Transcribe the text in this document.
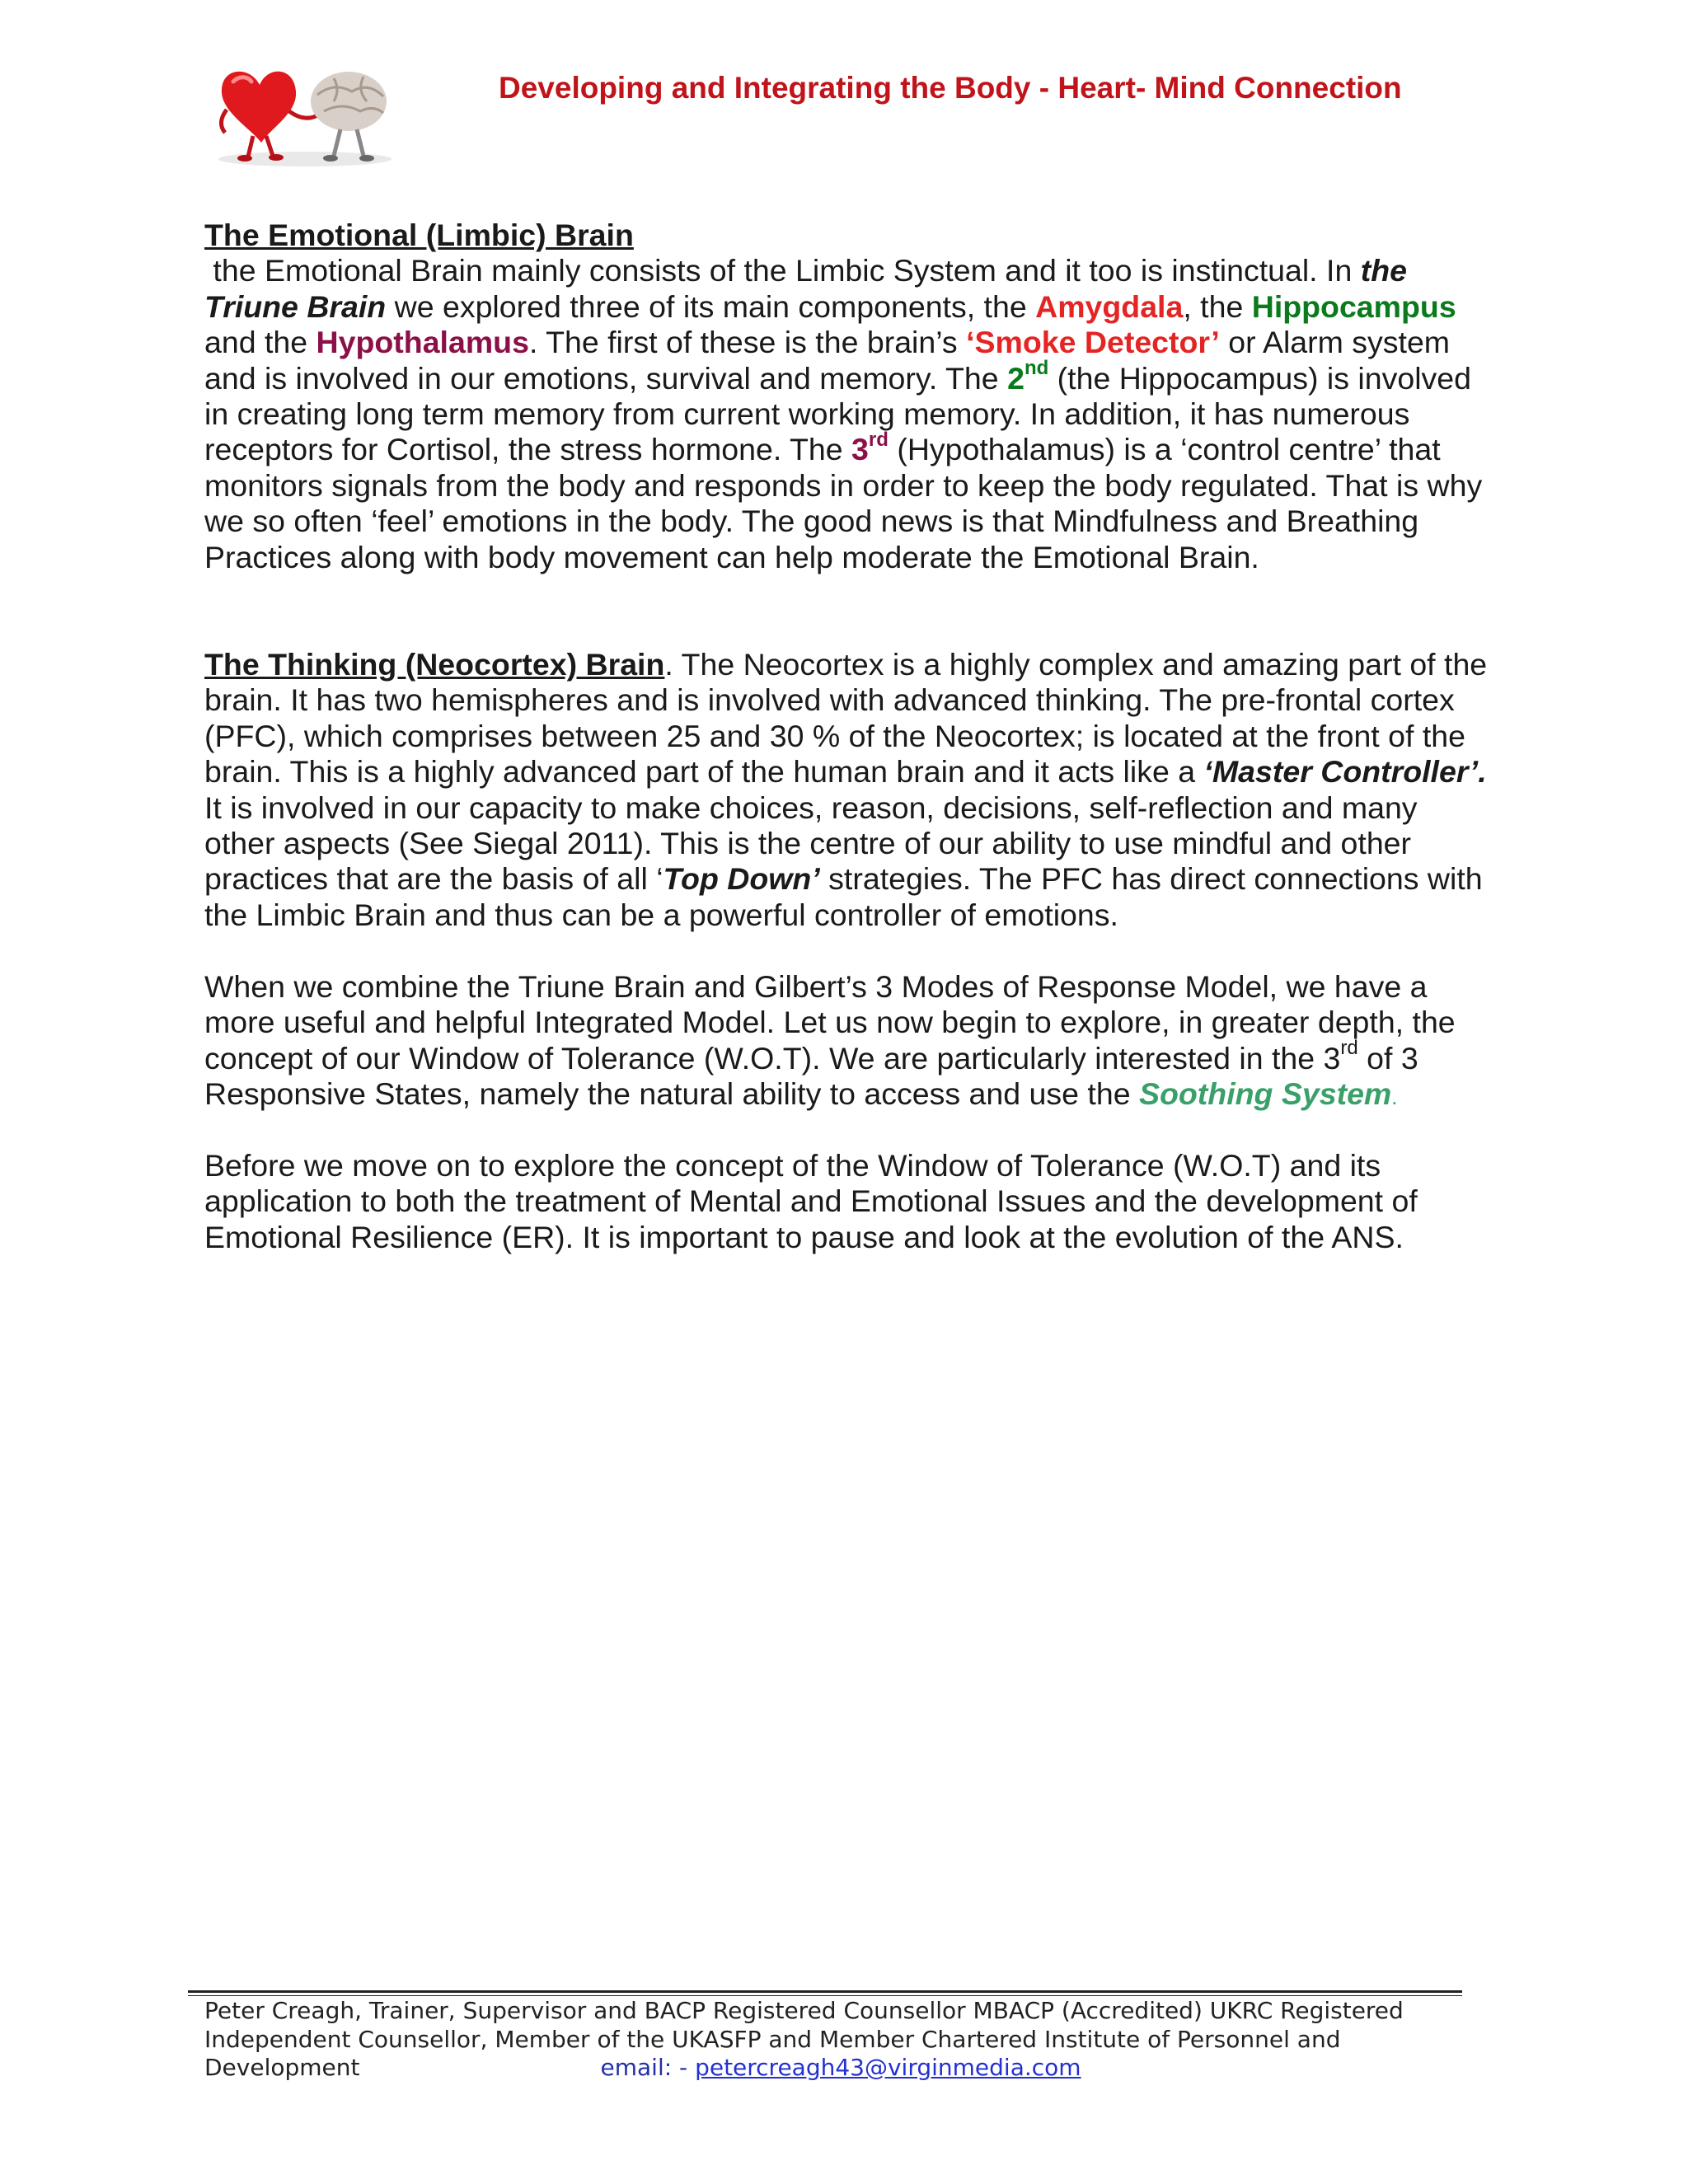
Developing and Integrating the Body - Heart- Mind Connection

The Emotional (Limbic) Brain the Emotional Brain mainly consists of the Limbic System and it too is instinctual. In the Triune Brain we explored three of its main components, the Amygdala, the Hippocampus and the Hypothalamus. The first of these is the brain’s ‘Smoke Detector’ or Alarm system and is involved in our emotions, survival and memory. The 2nd (the Hippocampus) is involved in creating long term memory from current working memory. In addition, it has numerous receptors for Cortisol, the stress hormone. The 3rd (Hypothalamus) is a ‘control centre’ that monitors signals from the body and responds in order to keep the body regulated. That is why we so often ‘feel’ emotions in the body. The good news is that Mindfulness and Breathing Practices along with body movement can help moderate the Emotional Brain.

The Thinking (Neocortex) Brain. The Neocortex is a highly complex and amazing part of the brain. It has two hemispheres and is involved with advanced thinking. The pre-frontal cortex (PFC), which comprises between 25 and 30 % of the Neocortex; is located at the front of the brain. This is a highly advanced part of the human brain and it acts like a ‘Master Controller’.  It is involved in our capacity to make choices, reason, decisions, self-reflection and many other aspects (See Siegal 2011). This is the centre of our ability to use mindful and other practices that are the basis of all ‘Top Down’ strategies. The PFC has direct connections with the Limbic Brain and thus can be a powerful controller of emotions.

When we combine the Triune Brain and Gilbert’s 3 Modes of Response Model, we have a more useful and helpful Integrated Model. Let us now begin to explore, in greater depth, the concept of our Window of Tolerance (W.O.T). We are particularly interested in the 3rd of 3 Responsive States, namely the natural ability to access and use the Soothing System.

Before we move on to explore the concept of the Window of Tolerance (W.O.T) and its application to both the treatment of Mental and Emotional Issues and the development of Emotional Resilience (ER). It is important to pause and look at the evolution of the ANS.

Peter Creagh, Trainer, Supervisor and BACP Registered Counsellor MBACP (Accredited) UKRC Registered
Independent Counsellor, Member of the UKASFP and Member Chartered Institute of Personnel and
Development	email: - petercreagh43@virginmedia.com
